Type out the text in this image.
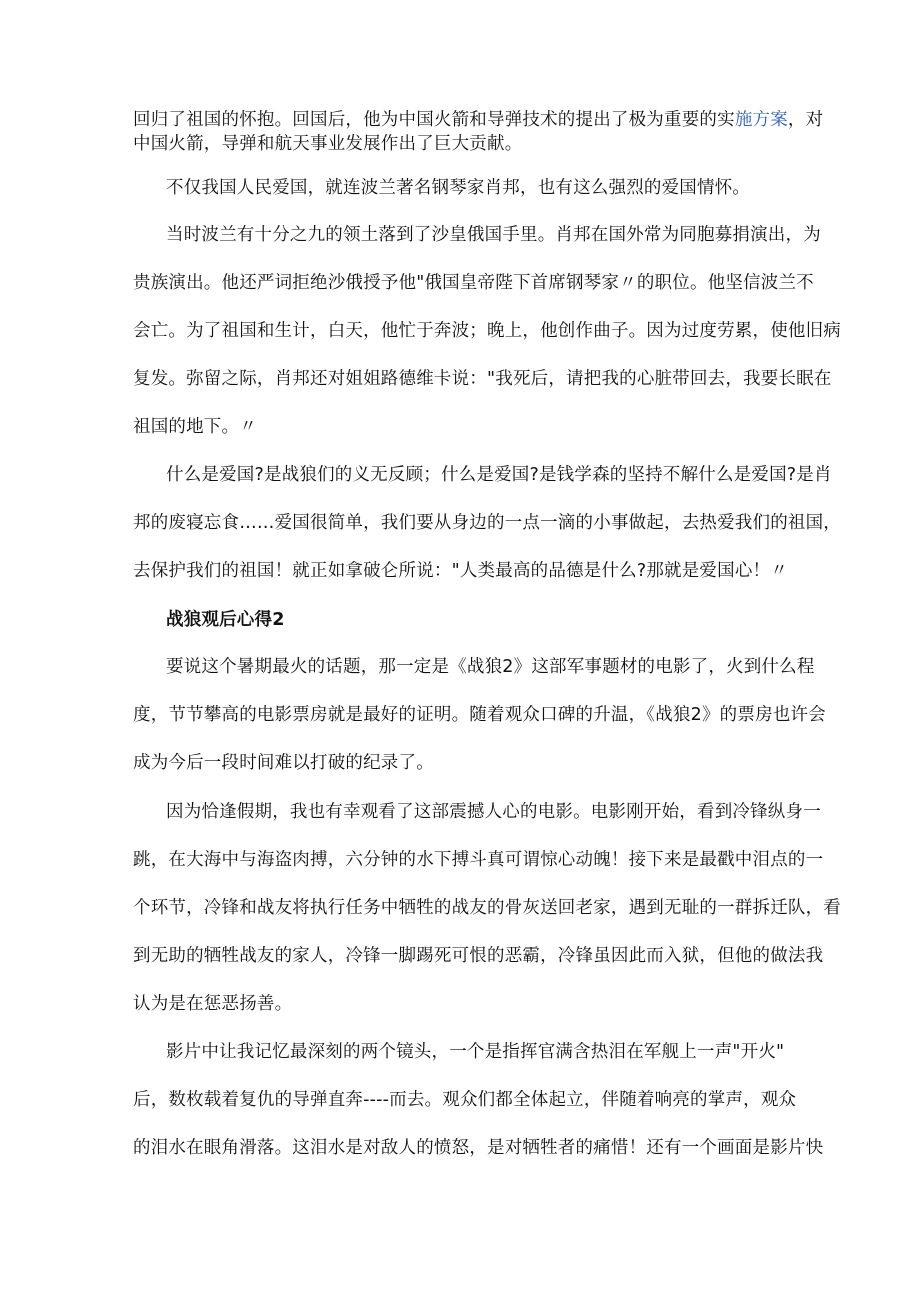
回归了祖国的怀抱。回国后，他为中国火箭和导弹技术的提出了极为重要的实施方案，对
中国火箭，导弹和航天事业发展作出了巨大贡献。
不仅我国人民爱国，就连波兰著名钢琴家肖邦，也有这么强烈的爱国情怀。
当时波兰有十分之九的领土落到了沙皇俄国手里。肖邦在国外常为同胞募捐演出，为
贵族演出。他还严词拒绝沙俄授予他"俄国皇帝陛下首席钢琴家〃的职位。他坚信波兰不
会亡。为了祖国和生计，白天，他忙于奔波；晚上，他创作曲子。因为过度劳累，使他旧病
复发。弥留之际，肖邦还对姐姐路德维卡说："我死后，请把我的心脏带回去，我要长眠在
祖国的地下。〃
什么是爱国?是战狼们的义无反顾；什么是爱国?是钱学森的坚持不解什么是爱国?是肖
邦的废寝忘食……爱国很简单，我们要从身边的一点一滴的小事做起，去热爱我们的祖国，
去保护我们的祖国！就正如拿破仑所说："人类最高的品德是什么?那就是爱国心！〃
战狼观后心得2
要说这个暑期最火的话题，那一定是《战狼2》这部军事题材的电影了，火到什么程
度，节节攀高的电影票房就是最好的证明。随着观众口碑的升温，《战狼2》的票房也许会
成为今后一段时间难以打破的纪录了。
因为恰逢假期，我也有幸观看了这部震撼人心的电影。电影刚开始，看到冷锋纵身一
跳，在大海中与海盗肉搏，六分钟的水下搏斗真可谓惊心动魄！接下来是最戳中泪点的一
个环节，冷锋和战友将执行任务中牺牲的战友的骨灰送回老家，遇到无耻的一群拆迁队，看
到无助的牺牲战友的家人，冷锋一脚踢死可恨的恶霸，冷锋虽因此而入狱，但他的做法我
认为是在惩恶扬善。
影片中让我记忆最深刻的两个镜头，一个是指挥官满含热泪在军舰上一声"开火"
后，数枚载着复仇的导弹直奔----而去。观众们都全体起立，伴随着响亮的掌声，观众
的泪水在眼角滑落。这泪水是对敌人的愤怒，是对牺牲者的痛惜！还有一个画面是影片快
